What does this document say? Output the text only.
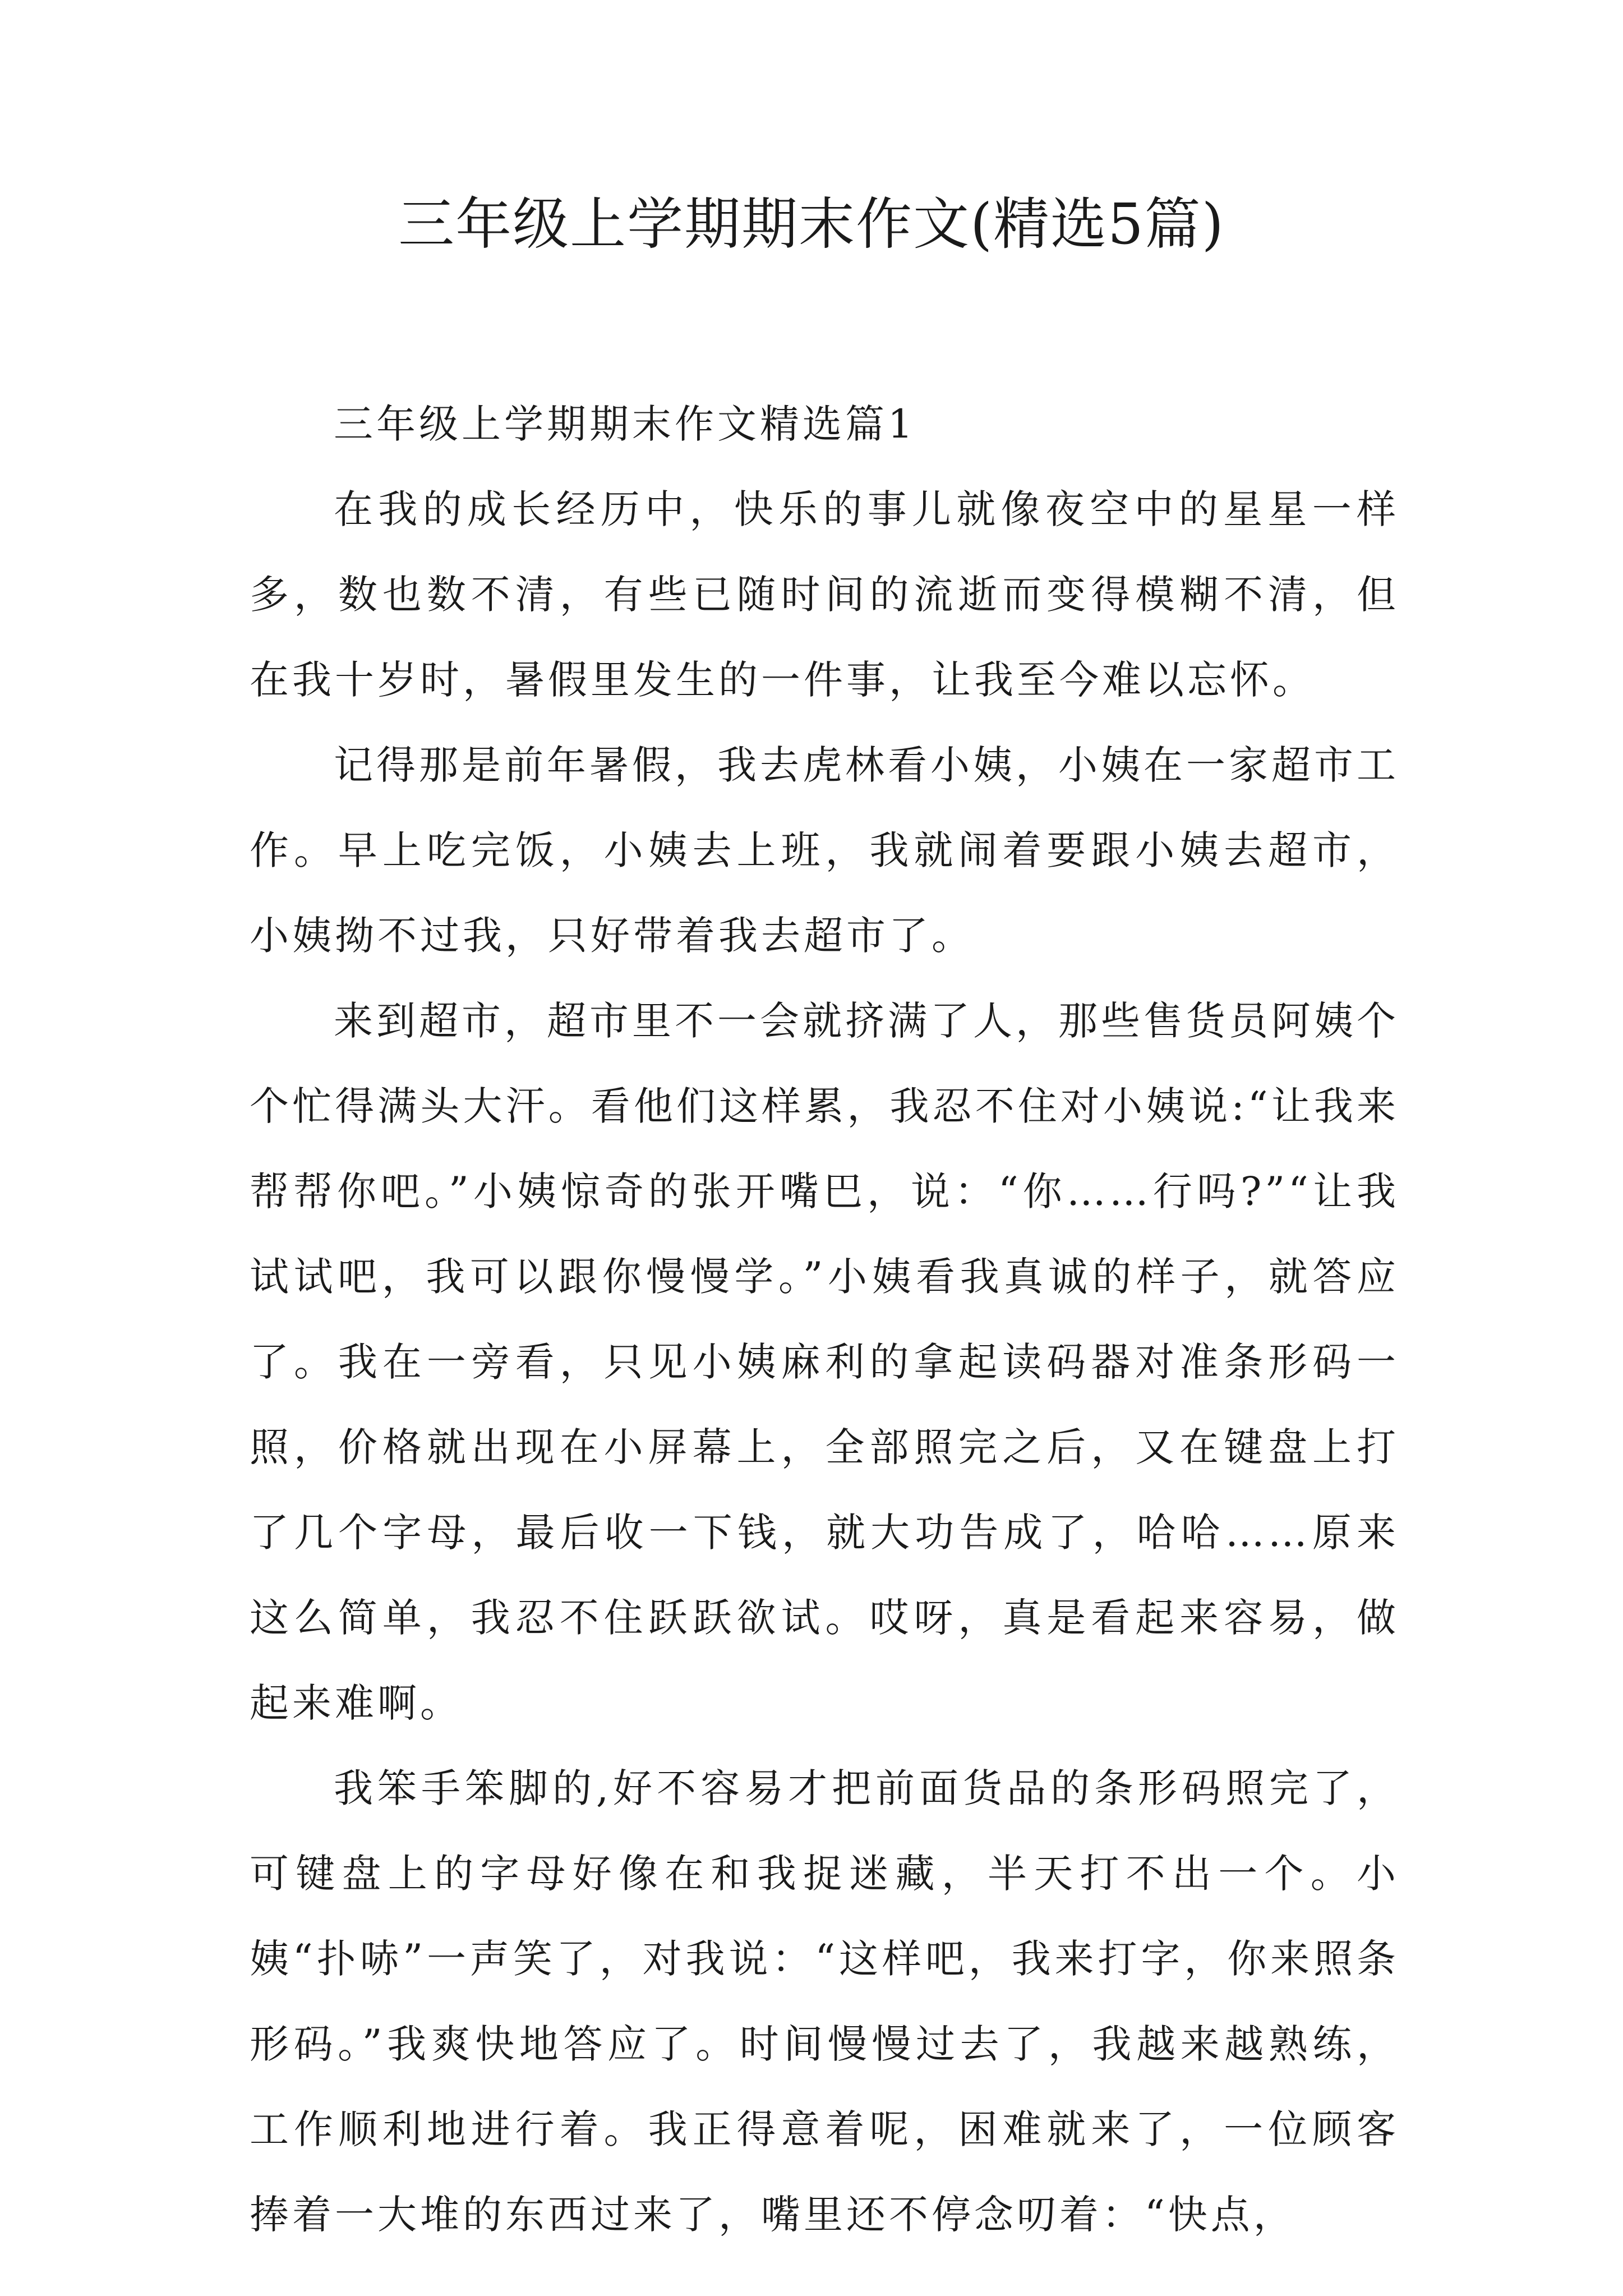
三年级上学期期末作文(精选5篇)

三年级上学期期末作文精选篇1

在我的成长经历中，快乐的事儿就像夜空中的星星一样多，数也数不清，有些已随时间的流逝而变得模糊不清，但在我十岁时，暑假里发生的一件事，让我至今难以忘怀。

记得那是前年暑假，我去虎林看小姨，小姨在一家超市工作。早上吃完饭，小姨去上班，我就闹着要跟小姨去超市，小姨拗不过我，只好带着我去超市了。

来到超市，超市里不一会就挤满了人，那些售货员阿姨个个忙得满头大汗。看他们这样累，我忍不住对小姨说:“让我来帮帮你吧。”小姨惊奇的张开嘴巴，说：“你……行吗?”“让我试试吧，我可以跟你慢慢学。”小姨看我真诚的样子，就答应了。我在一旁看，只见小姨麻利的拿起读码器对准条形码一照，价格就出现在小屏幕上，全部照完之后，又在键盘上打了几个字母，最后收一下钱，就大功告成了，哈哈……原来这么简单，我忍不住跃跃欲试。哎呀，真是看起来容易，做起来难啊。

我笨手笨脚的,好不容易才把前面货品的条形码照完了，可键盘上的字母好像在和我捉迷藏，半天打不出一个。小姨“扑哧”一声笑了，对我说：“这样吧，我来打字，你来照条形码。”我爽快地答应了。时间慢慢过去了，我越来越熟练，工作顺利地进行着。我正得意着呢，困难就来了，一位顾客捧着一大堆的东西过来了，嘴里还不停念叨着：“快点，
